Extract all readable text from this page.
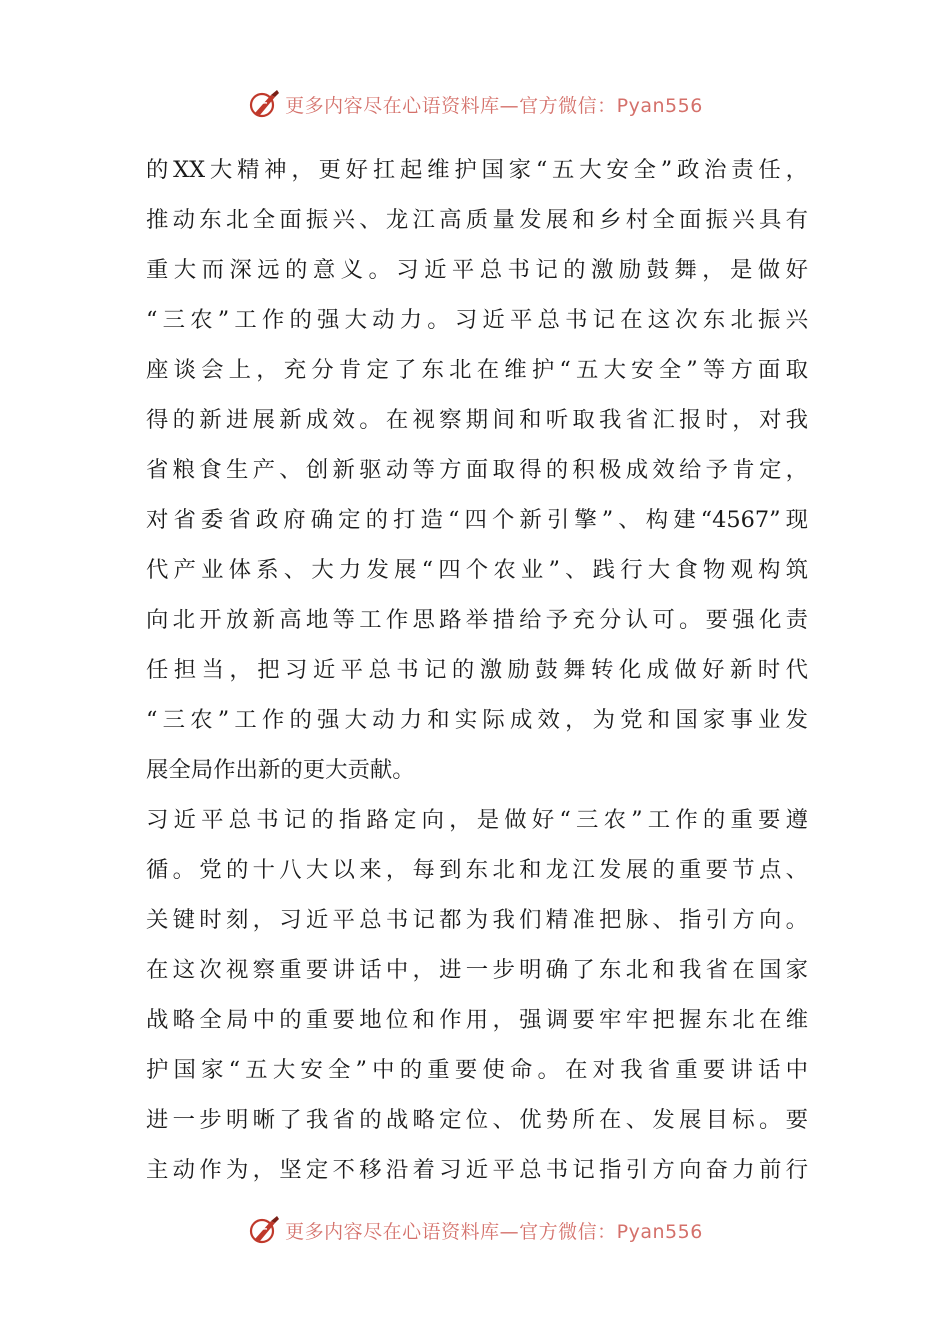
更多内容尽在心语资料库—官方微信：Pyan556
的XX大精神，更好扛起维护国家“五大安全”政治责任，
推动东北全面振兴、龙江高质量发展和乡村全面振兴具有
重大而深远的意义。习近平总书记的激励鼓舞，是做好
“三农”工作的强大动力。习近平总书记在这次东北振兴
座谈会上，充分肯定了东北在维护“五大安全”等方面取
得的新进展新成效。在视察期间和听取我省汇报时，对我
省粮食生产、创新驱动等方面取得的积极成效给予肯定，
对省委省政府确定的打造“四个新引擎”、构建“4567”现
代产业体系、大力发展“四个农业”、践行大食物观构筑
向北开放新高地等工作思路举措给予充分认可。要强化责
任担当，把习近平总书记的激励鼓舞转化成做好新时代
“三农”工作的强大动力和实际成效，为党和国家事业发
展全局作出新的更大贡献。
习近平总书记的指路定向，是做好“三农”工作的重要遵
循。党的十八大以来，每到东北和龙江发展的重要节点、
关键时刻，习近平总书记都为我们精准把脉、指引方向。
在这次视察重要讲话中，进一步明确了东北和我省在国家
战略全局中的重要地位和作用，强调要牢牢把握东北在维
护国家“五大安全”中的重要使命。在对我省重要讲话中
进一步明晰了我省的战略定位、优势所在、发展目标。要
主动作为，坚定不移沿着习近平总书记指引方向奋力前行
更多内容尽在心语资料库—官方微信：Pyan556
